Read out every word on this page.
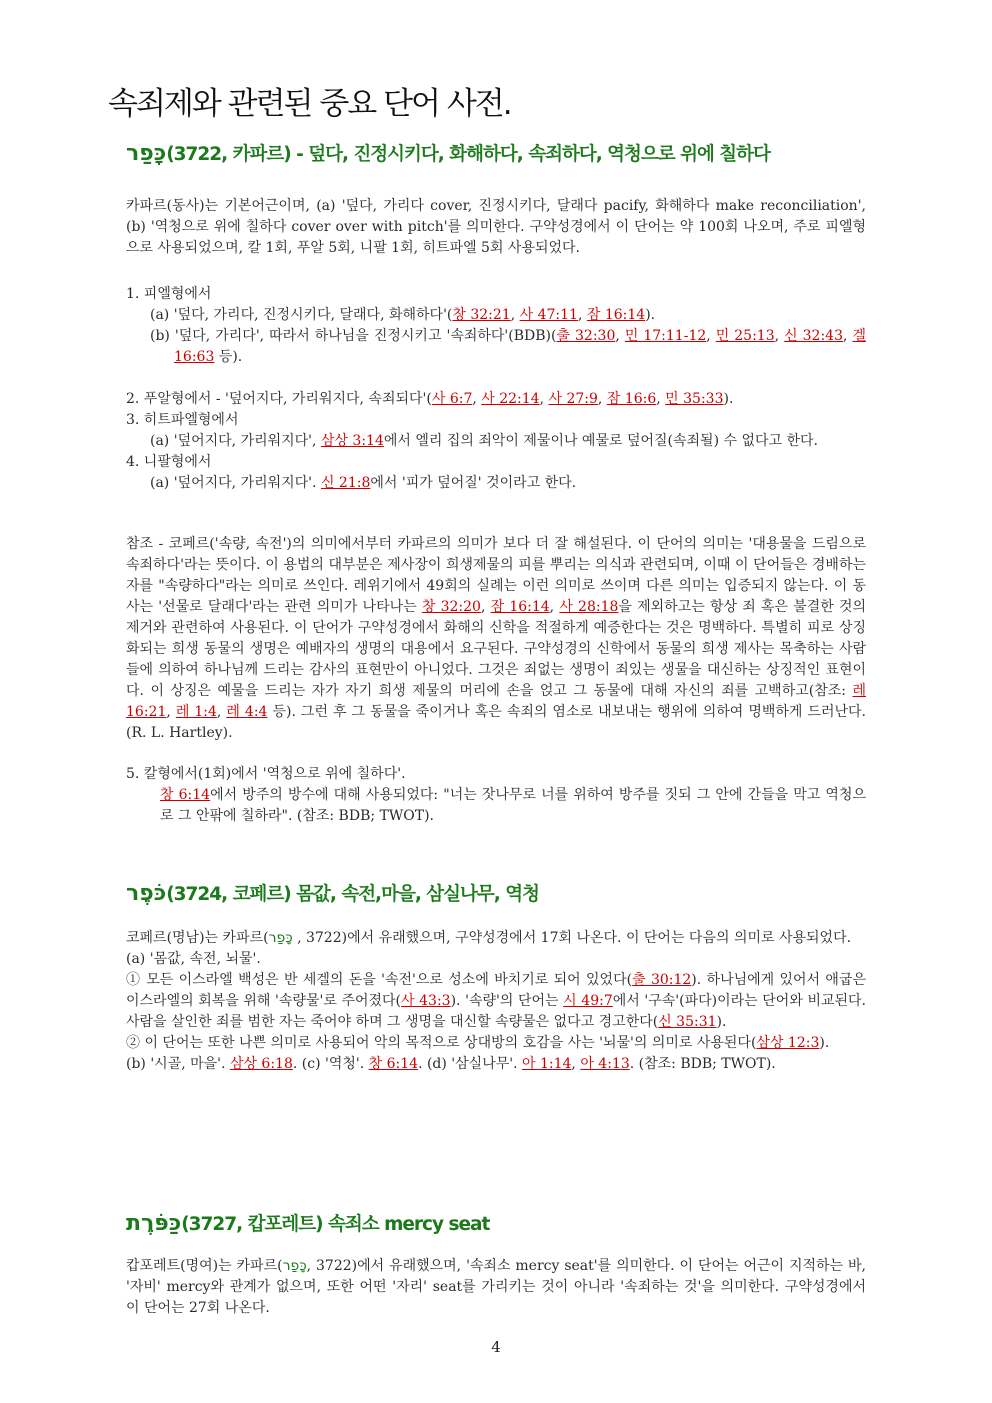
속죄제와 관련된 중요 단어 사전.
כָּפַר(3722, 카파르) - 덮다, 진정시키다, 화해하다, 속죄하다, 역청으로 위에 칠하다
카파르(동사)는 기본어근이며, (a) '덮다, 가리다 cover, 진정시키다, 달래다 pacify, 화해하다 make reconciliation', (b) '역청으로 위에 칠하다 cover over with pitch'를 의미한다. 구약성경에서 이 단어는 약 100회 나오며, 주로 피엘형으로 사용되었으며, 칼 1회, 푸알 5회, 니팔 1회, 히트파엘 5회 사용되었다.
1. 피엘형에서
(a) '덮다, 가리다, 진정시키다, 달래다, 화해하다'(창 32:21, 사 47:11, 잠 16:14).
(b) '덮다, 가리다', 따라서 하나님을 진정시키고 '속죄하다'(BDB)(출 32:30, 민 17:11-12, 민 25:13, 신 32:43, 겔 16:63 등).
2. 푸알형에서 - '덮어지다, 가리워지다, 속죄되다'(사 6:7, 사 22:14, 사 27:9, 잠 16:6, 민 35:33).
3. 히트파엘형에서
(a) '덮어지다, 가리워지다', 삼상 3:14에서 엘리 집의 죄악이 제물이나 예물로 덮어질(속죄될) 수 없다고 한다.
4. 니팔형에서
(a) '덮어지다, 가리워지다'. 신 21:8에서 '피가 덮어질' 것이라고 한다.
참조 - 코페르('속량, 속전')의 의미에서부터 카파르의 의미가 보다 더 잘 해설된다. 이 단어의 의미는 '대용물을 드림으로 속죄하다'라는 뜻이다. 이 용법의 대부분은 제사장이 희생제물의 피를 뿌리는 의식과 관련되며, 이때 이 단어들은 경배하는 자를 "속량하다"라는 의미로 쓰인다. 레위기에서 49회의 실례는 이런 의미로 쓰이며 다른 의미는 입증되지 않는다. 이 동사는 '선물로 달래다'라는 관련 의미가 나타나는 창 32:20, 잠 16:14, 사 28:18을 제외하고는 항상 죄 혹은 불결한 것의 제거와 관련하여 사용된다. 이 단어가 구약성경에서 화해의 신학을 적절하게 예증한다는 것은 명백하다. 특별히 피로 상징화되는 희생 동물의 생명은 예배자의 생명의 대용에서 요구된다. 구약성경의 신학에서 동물의 희생 제사는 목축하는 사람들에 의하여 하나님께 드리는 감사의 표현만이 아니었다. 그것은 죄없는 생명이 죄있는 생물을 대신하는 상징적인 표현이다. 이 상징은 예물을 드리는 자가 자기 희생 제물의 머리에 손을 얹고 그 동물에 대해 자신의 죄를 고백하고(참조: 레 16:21, 레 1:4, 레 4:4 등). 그런 후 그 동물을 죽이거나 혹은 속죄의 염소로 내보내는 행위에 의하여 명백하게 드러난다.(R. L. Hartley).
5. 칼형에서(1회)에서 '역청으로 위에 칠하다'.
창 6:14에서 방주의 방수에 대해 사용되었다: "너는 잣나무로 너를 위하여 방주를 짓되 그 안에 간들을 막고 역청으로 그 안팎에 칠하라". (참조: BDB; TWOT).
כֹּפֶר(3724, 코페르) 몸값, 속전,마을, 삼실나무, 역청
코페르(명남)는 카파르(כָּפַר , 3722)에서 유래했으며, 구약성경에서 17회 나온다. 이 단어는 다음의 의미로 사용되었다.
(a) '몸값, 속전, 뇌물'.
① 모든 이스라엘 백성은 반 세겔의 돈을 '속전'으로 성소에 바치기로 되어 있었다(출 30:12). 하나님에게 있어서 애굽은 이스라엘의 회복을 위해 '속량물'로 주어졌다(사 43:3). '속량'의 단어는 시 49:7에서 '구속'(파다)이라는 단어와 비교된다. 사람을 살인한 죄를 범한 자는 죽어야 하며 그 생명을 대신할 속량물은 없다고 경고한다(신 35:31).
② 이 단어는 또한 나쁜 의미로 사용되어 악의 목적으로 상대방의 호감을 사는 '뇌물'의 의미로 사용된다(삼상 12:3).
(b) '시골, 마을'. 삼상 6:18. (c) '역청'. 창 6:14. (d) '삼실나무'. 아 1:14, 아 4:13. (참조: BDB; TWOT).
כַּפֹּרֶת(3727, 캅포레트) 속죄소 mercy seat
캅포레트(명여)는 카파르(כָּפַר, 3722)에서 유래했으며, '속죄소 mercy seat'를 의미한다. 이 단어는 어근이 지적하는 바, '자비' mercy와 관계가 없으며, 또한 어떤 '자리' seat를 가리키는 것이 아니라 '속죄하는 것'을 의미한다. 구약성경에서 이 단어는 27회 나온다.
4
